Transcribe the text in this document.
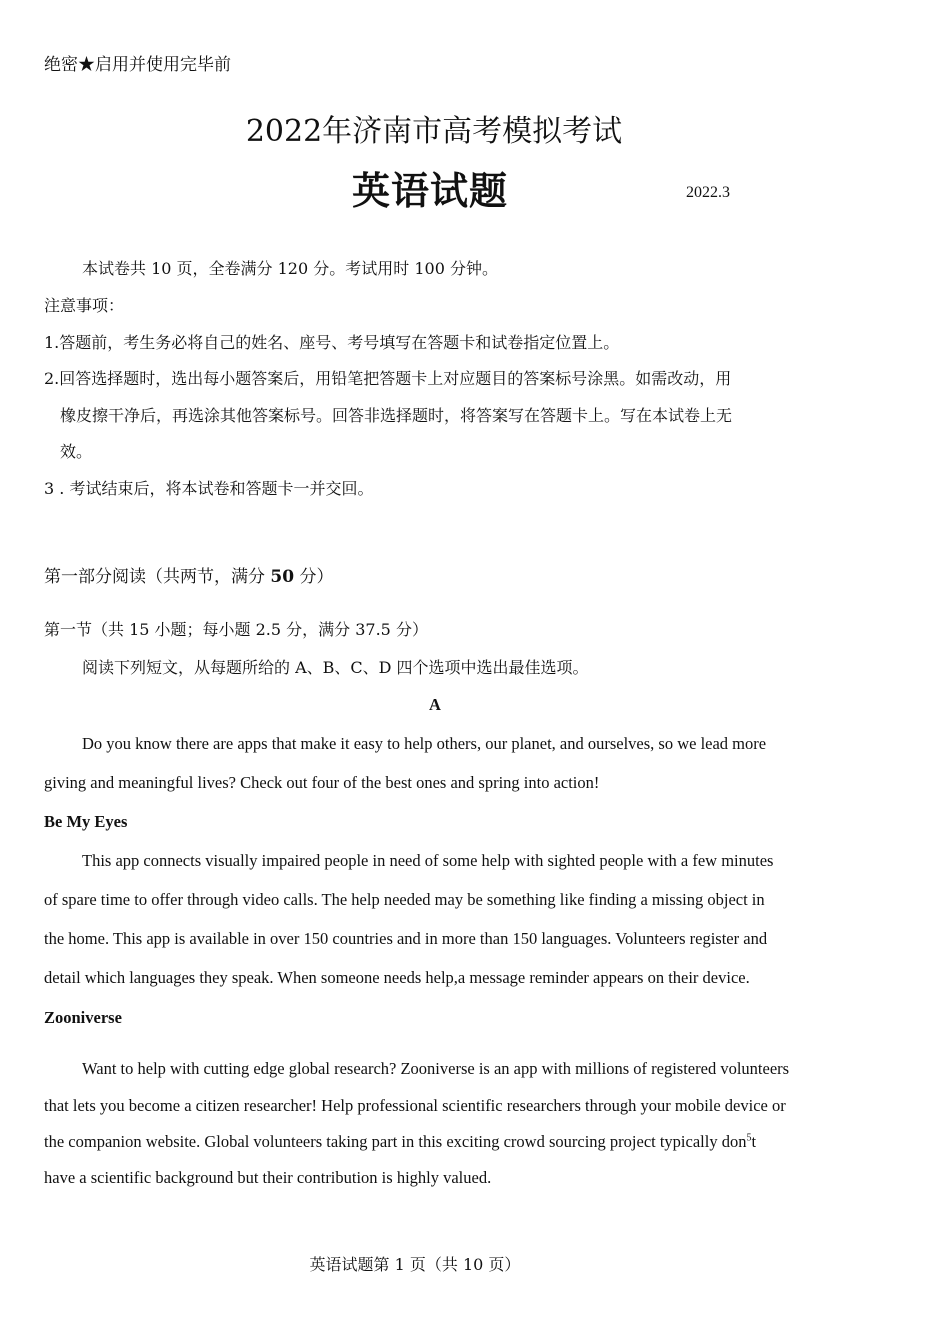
绝密★启用并使用完毕前
2022年济南市高考模拟考试
英语试题	2022.3
本试卷共 10 页，全卷满分 120 分。考试用时 100 分钟。
注意事项：
1.答题前，考生务必将自己的姓名、座号、考号填写在答题卡和试卷指定位置上。
2.回答选择题时，选出每小题答案后，用铅笔把答题卡上对应题目的答案标号涂黑。如需改动，用
橡皮擦干净后，再选涂其他答案标号。回答非选择题时，将答案写在答题卡上。写在本试卷上无
效。
3 . 考试结束后，将本试卷和答题卡一并交回。
第一部分阅读（共两节，满分 50 分）
第一节（共 15 小题；每小题 2.5 分，满分 37.5 分）
阅读下列短文，从每题所给的 A、B、C、D 四个选项中选出最佳选项。
A
Do you know there are apps that make it easy to help others, our planet, and ourselves, so we lead more
giving and meaningful lives? Check out four of the best ones and spring into action!
Be My Eyes
This app connects visually impaired people in need of some help with sighted people with a few minutes
of spare time to offer through video calls. The help needed may be something like finding a missing object in
the home. This app is available in over 150 countries and in more than 150 languages. Volunteers register and
detail which languages they speak. When someone needs help,a message reminder appears on their device.
Zooniverse
Want to help with cutting edge global research? Zooniverse is an app with millions of registered volunteers
that lets you become a citizen researcher! Help professional scientific researchers through your mobile device or
the companion website. Global volunteers taking part in this exciting crowd sourcing project typically don$^5$t
have a scientific background but their contribution is highly valued.
英语试题第 1 页（共 10 页）
